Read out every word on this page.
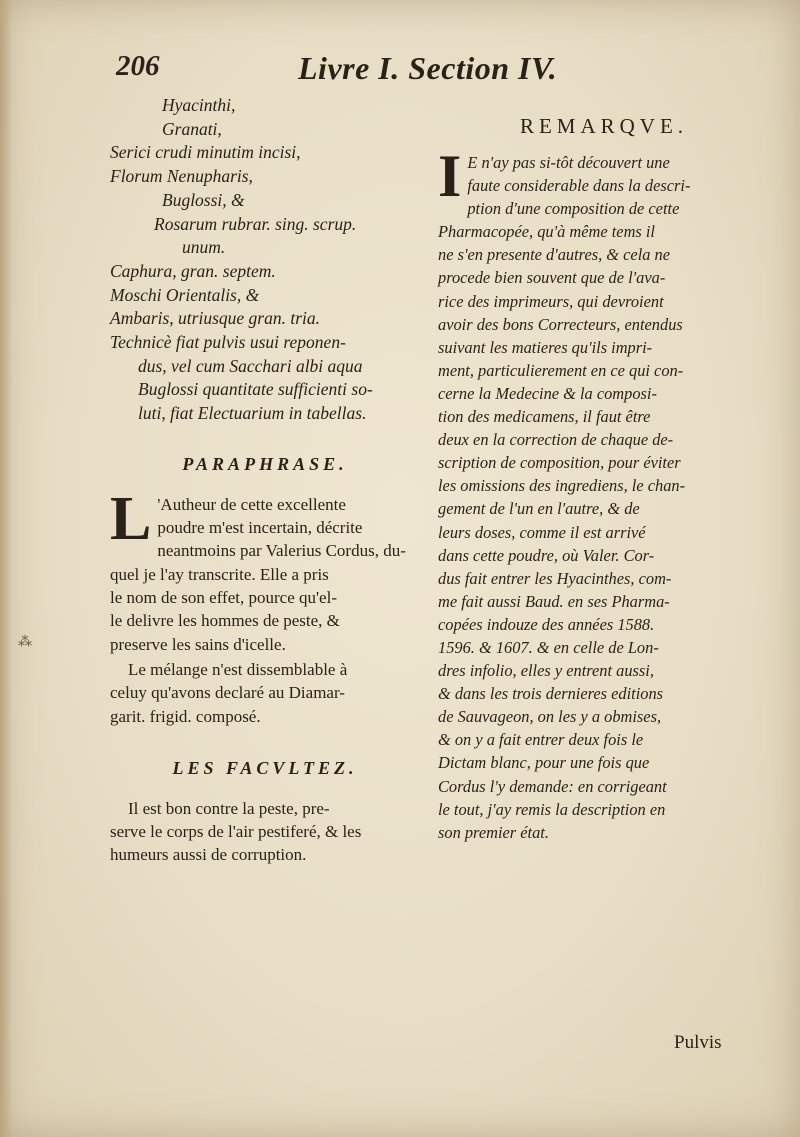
206	Livre I. Section IV.
Hyacinthi,
Granati,
Serici crudi minutim incisi,
Florum Nenupharis,
Buglossi, &
Rosarum rubrar. sing. scrup.
unum.
Caphura, gran. septem.
Moschi Orientalis, &
Ambaris, utriusque gran. tria.
Technicè fiat pulvis usui reponen-
dus, vel cum Sacchari albi aqua
Buglossi quantitate sufficienti so-
luti, fiat Electuarium in tabellas.
PARAPHRASE.
L 'Autheur de cette excellente
poudre m'est incertain, décrite
neantmoins par Valerius Cordus, du-
quel je l'ay transcrite. Elle a pris
le nom de son effet, pource qu'el-
le delivre les hommes de peste, &
preserve les sains d'icelle.
Le mélange n'est dissemblable à
celuy qu'avons declaré au Diamar-
garit. frigid. composé.
LES FACVLTEZ.
Il est bon contre la peste, pre-
serve le corps de l'air pestiferé, & les
humeurs aussi de corruption.
REMARQVE.
I E n'ay pas si-tôt découvert une
faute considerable dans la descri-
ption d'une composition de cette
Pharmacopée, qu'à même tems il
ne s'en presente d'autres, & cela ne
procede bien souvent que de l'ava-
rice des imprimeurs, qui devroient
avoir des bons Correcteurs, entendus
suivant les matieres qu'ils impri-
ment, particulierement en ce qui con-
cerne la Medecine & la composi-
tion des medicamens, il faut être
deux en la correction de chaque de-
scription de composition, pour éviter
les omissions des ingrediens, le chan-
gement de l'un en l'autre, & de
leurs doses, comme il est arrivé
dans cette poudre, où Valer. Cor-
dus fait entrer les Hyacinthes, com-
me fait aussi Baud. en ses Pharma-
copées indouze des années 1588.
1596. & 1607. & en celle de Lon-
dres infolio, elles y entrent aussi,
& dans les trois dernieres editions
de Sauvageon, on les y a obmises,
& on y a fait entrer deux fois le
Dictam blanc, pour une fois que
Cordus l'y demande: en corrigeant
le tout, j'ay remis la description en
son premier état.
Pulvis
⁂
